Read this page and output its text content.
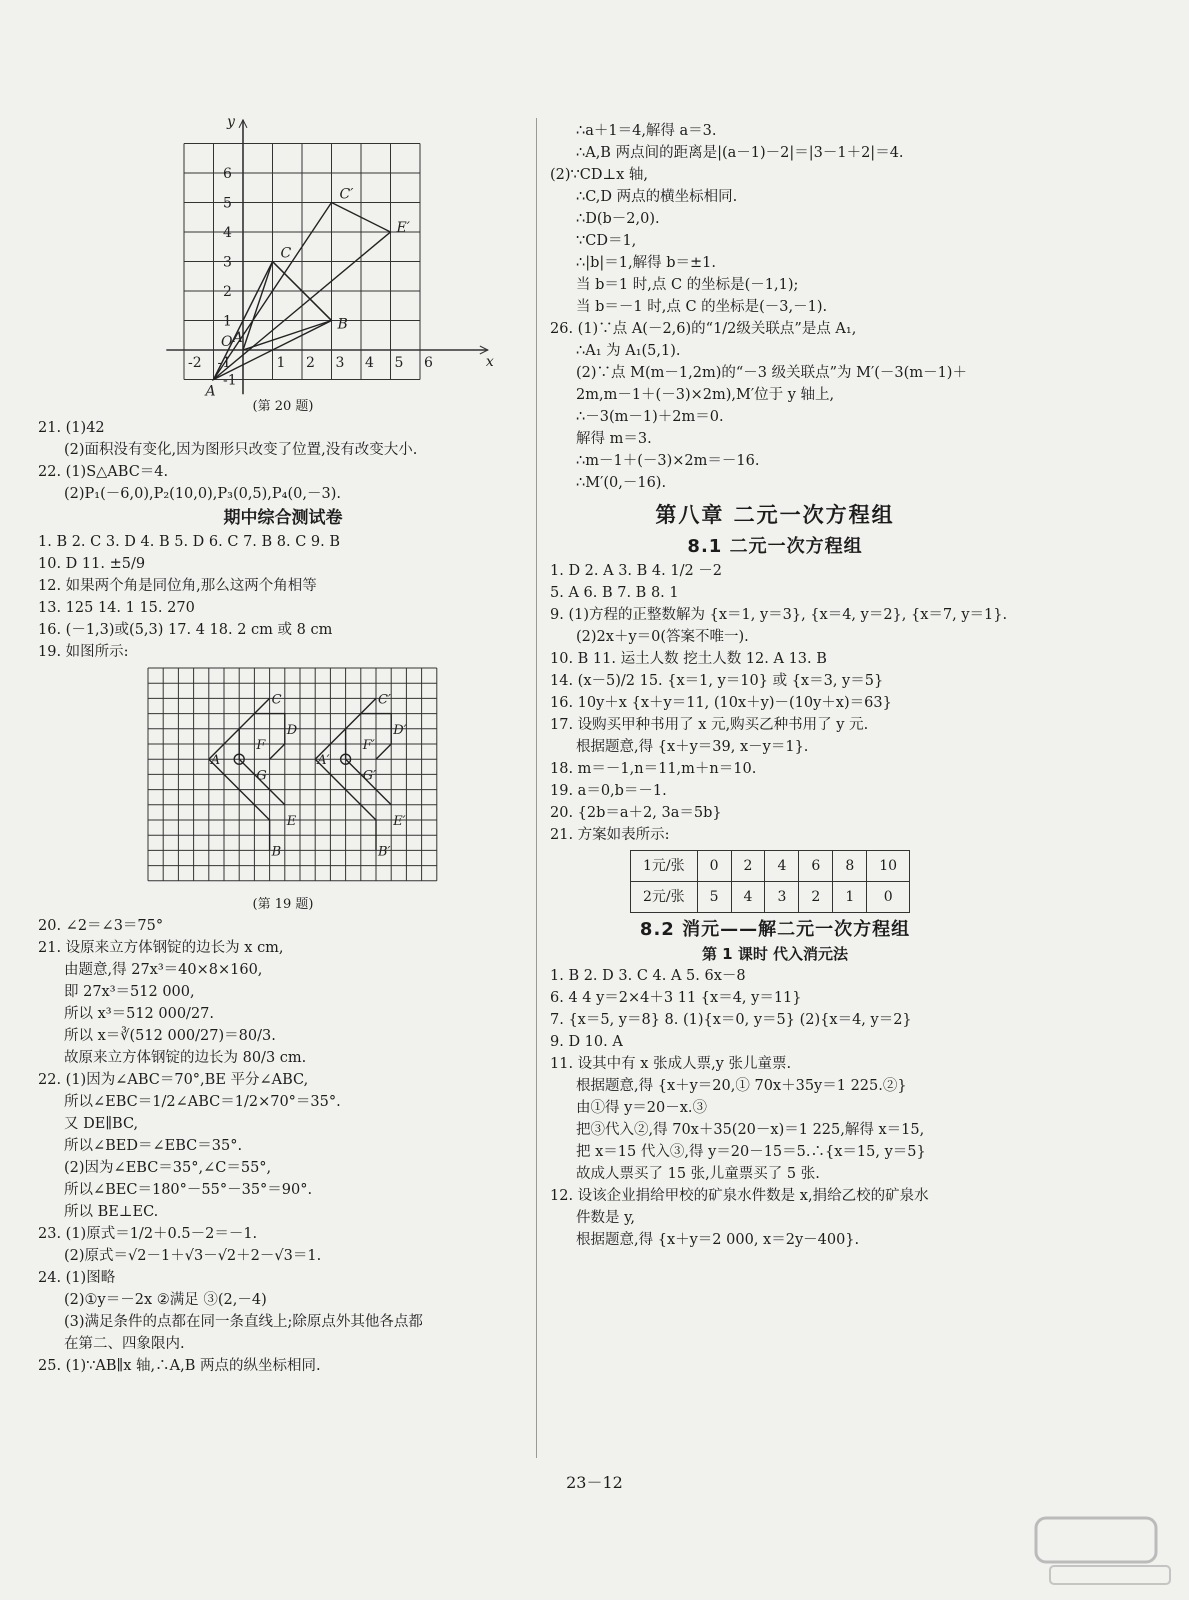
-2 -1	1 2 3 4 5 6
6
5
4
3
2
1
-1
x
y
A
O A′
C
B
C′
E′
(第 20 题)
21. (1)42
(2)面积没有变化,因为图形只改变了位置,没有改变大小.
22. (1)S△ABC＝4.
(2)P₁(－6,0),P₂(10,0),P₃(0,5),P₄(0,－3).
期中综合测试卷
1. B 2. C 3. D 4. B 5. D 6. C 7. B 8. C 9. B
10. D 11. ±5/9
12. 如果两个角是同位角,那么这两个角相等
13. 125 14. 1 15. 270
16. (－1,3)或(5,3) 17. 4 18. 2 cm 或 8 cm
19. 如图所示:
C
D
F
A
G
E
B
C′
D′
F′
A′
G′
E′
B′
(第 19 题)
20. ∠2＝∠3＝75°
21. 设原来立方体钢锭的边长为 x cm,
由题意,得 27x³＝40×8×160,
即 27x³＝512 000,
所以 x³＝512 000/27.
所以 x＝∛(512 000/27)＝80/3.
故原来立方体钢锭的边长为 80/3 cm.
22. (1)因为∠ABC＝70°,BE 平分∠ABC,
所以∠EBC＝1/2∠ABC＝1/2×70°＝35°.
又 DE∥BC,
所以∠BED＝∠EBC＝35°.
(2)因为∠EBC＝35°,∠C＝55°,
所以∠BEC＝180°－55°－35°＝90°.
所以 BE⊥EC.
23. (1)原式＝1/2＋0.5－2＝－1.
(2)原式＝√2－1＋√3－√2＋2－√3＝1.
24. (1)图略
(2)①y＝－2x ②满足 ③(2,－4)
(3)满足条件的点都在同一条直线上;除原点外其他各点都
在第二、四象限内.
25. (1)∵AB∥x 轴,∴A,B 两点的纵坐标相同.
∴a＋1＝4,解得 a＝3.
∴A,B 两点间的距离是|(a－1)－2|＝|3－1＋2|＝4.
(2)∵CD⊥x 轴,
∴C,D 两点的横坐标相同.
∴D(b－2,0).
∵CD＝1,
∴|b|＝1,解得 b＝±1.
当 b＝1 时,点 C 的坐标是(－1,1);
当 b＝－1 时,点 C 的坐标是(－3,－1).
26. (1)∵点 A(－2,6)的“1/2级关联点”是点 A₁,
∴A₁ 为 A₁(5,1).
(2)∵点 M(m－1,2m)的“－3 级关联点”为 M′(－3(m－1)＋
2m,m－1＋(－3)×2m),M′位于 y 轴上,
∴－3(m－1)＋2m＝0.
解得 m＝3.
∴m－1＋(－3)×2m＝－16.
∴M′(0,－16).
第八章 二元一次方程组
8.1 二元一次方程组
1. D 2. A 3. B 4. 1/2 －2
5. A 6. B 7. B 8. 1
9. (1)方程的正整数解为 {x＝1, y＝3}, {x＝4, y＝2}, {x＝7, y＝1}.
(2)2x＋y＝0(答案不唯一).
10. B 11. 运土人数 挖土人数 12. A 13. B
14. (x－5)/2 15. {x＝1, y＝10} 或 {x＝3, y＝5}
16. 10y＋x {x＋y＝11, (10x＋y)－(10y＋x)＝63}
17. 设购买甲种书用了 x 元,购买乙种书用了 y 元.
根据题意,得 {x＋y＝39, x－y＝1}.
18. m＝－1,n＝11,m＋n＝10.
19. a＝0,b＝－1.
20. {2b＝a＋2, 3a＝5b}
21. 方案如表所示:
1元/张	0	2	4	6	8	10
2元/张	5	4	3	2	1	0
8.2 消元——解二元一次方程组
第 1 课时 代入消元法
1. B 2. D 3. C 4. A 5. 6x－8
6. 4 4 y＝2×4＋3 11 {x＝4, y＝11}
7. {x＝5, y＝8} 8. (1){x＝0, y＝5} (2){x＝4, y＝2}
9. D 10. A
11. 设其中有 x 张成人票,y 张儿童票.
根据题意,得 {x＋y＝20,① 70x＋35y＝1 225.②}
由①得 y＝20－x.③
把③代入②,得 70x＋35(20－x)＝1 225,解得 x＝15,
把 x＝15 代入③,得 y＝20－15＝5.∴{x＝15, y＝5}
故成人票买了 15 张,儿童票买了 5 张.
12. 设该企业捐给甲校的矿泉水件数是 x,捐给乙校的矿泉水
件数是 y,
根据题意,得 {x＋y＝2 000, x＝2y－400}.
23－12
